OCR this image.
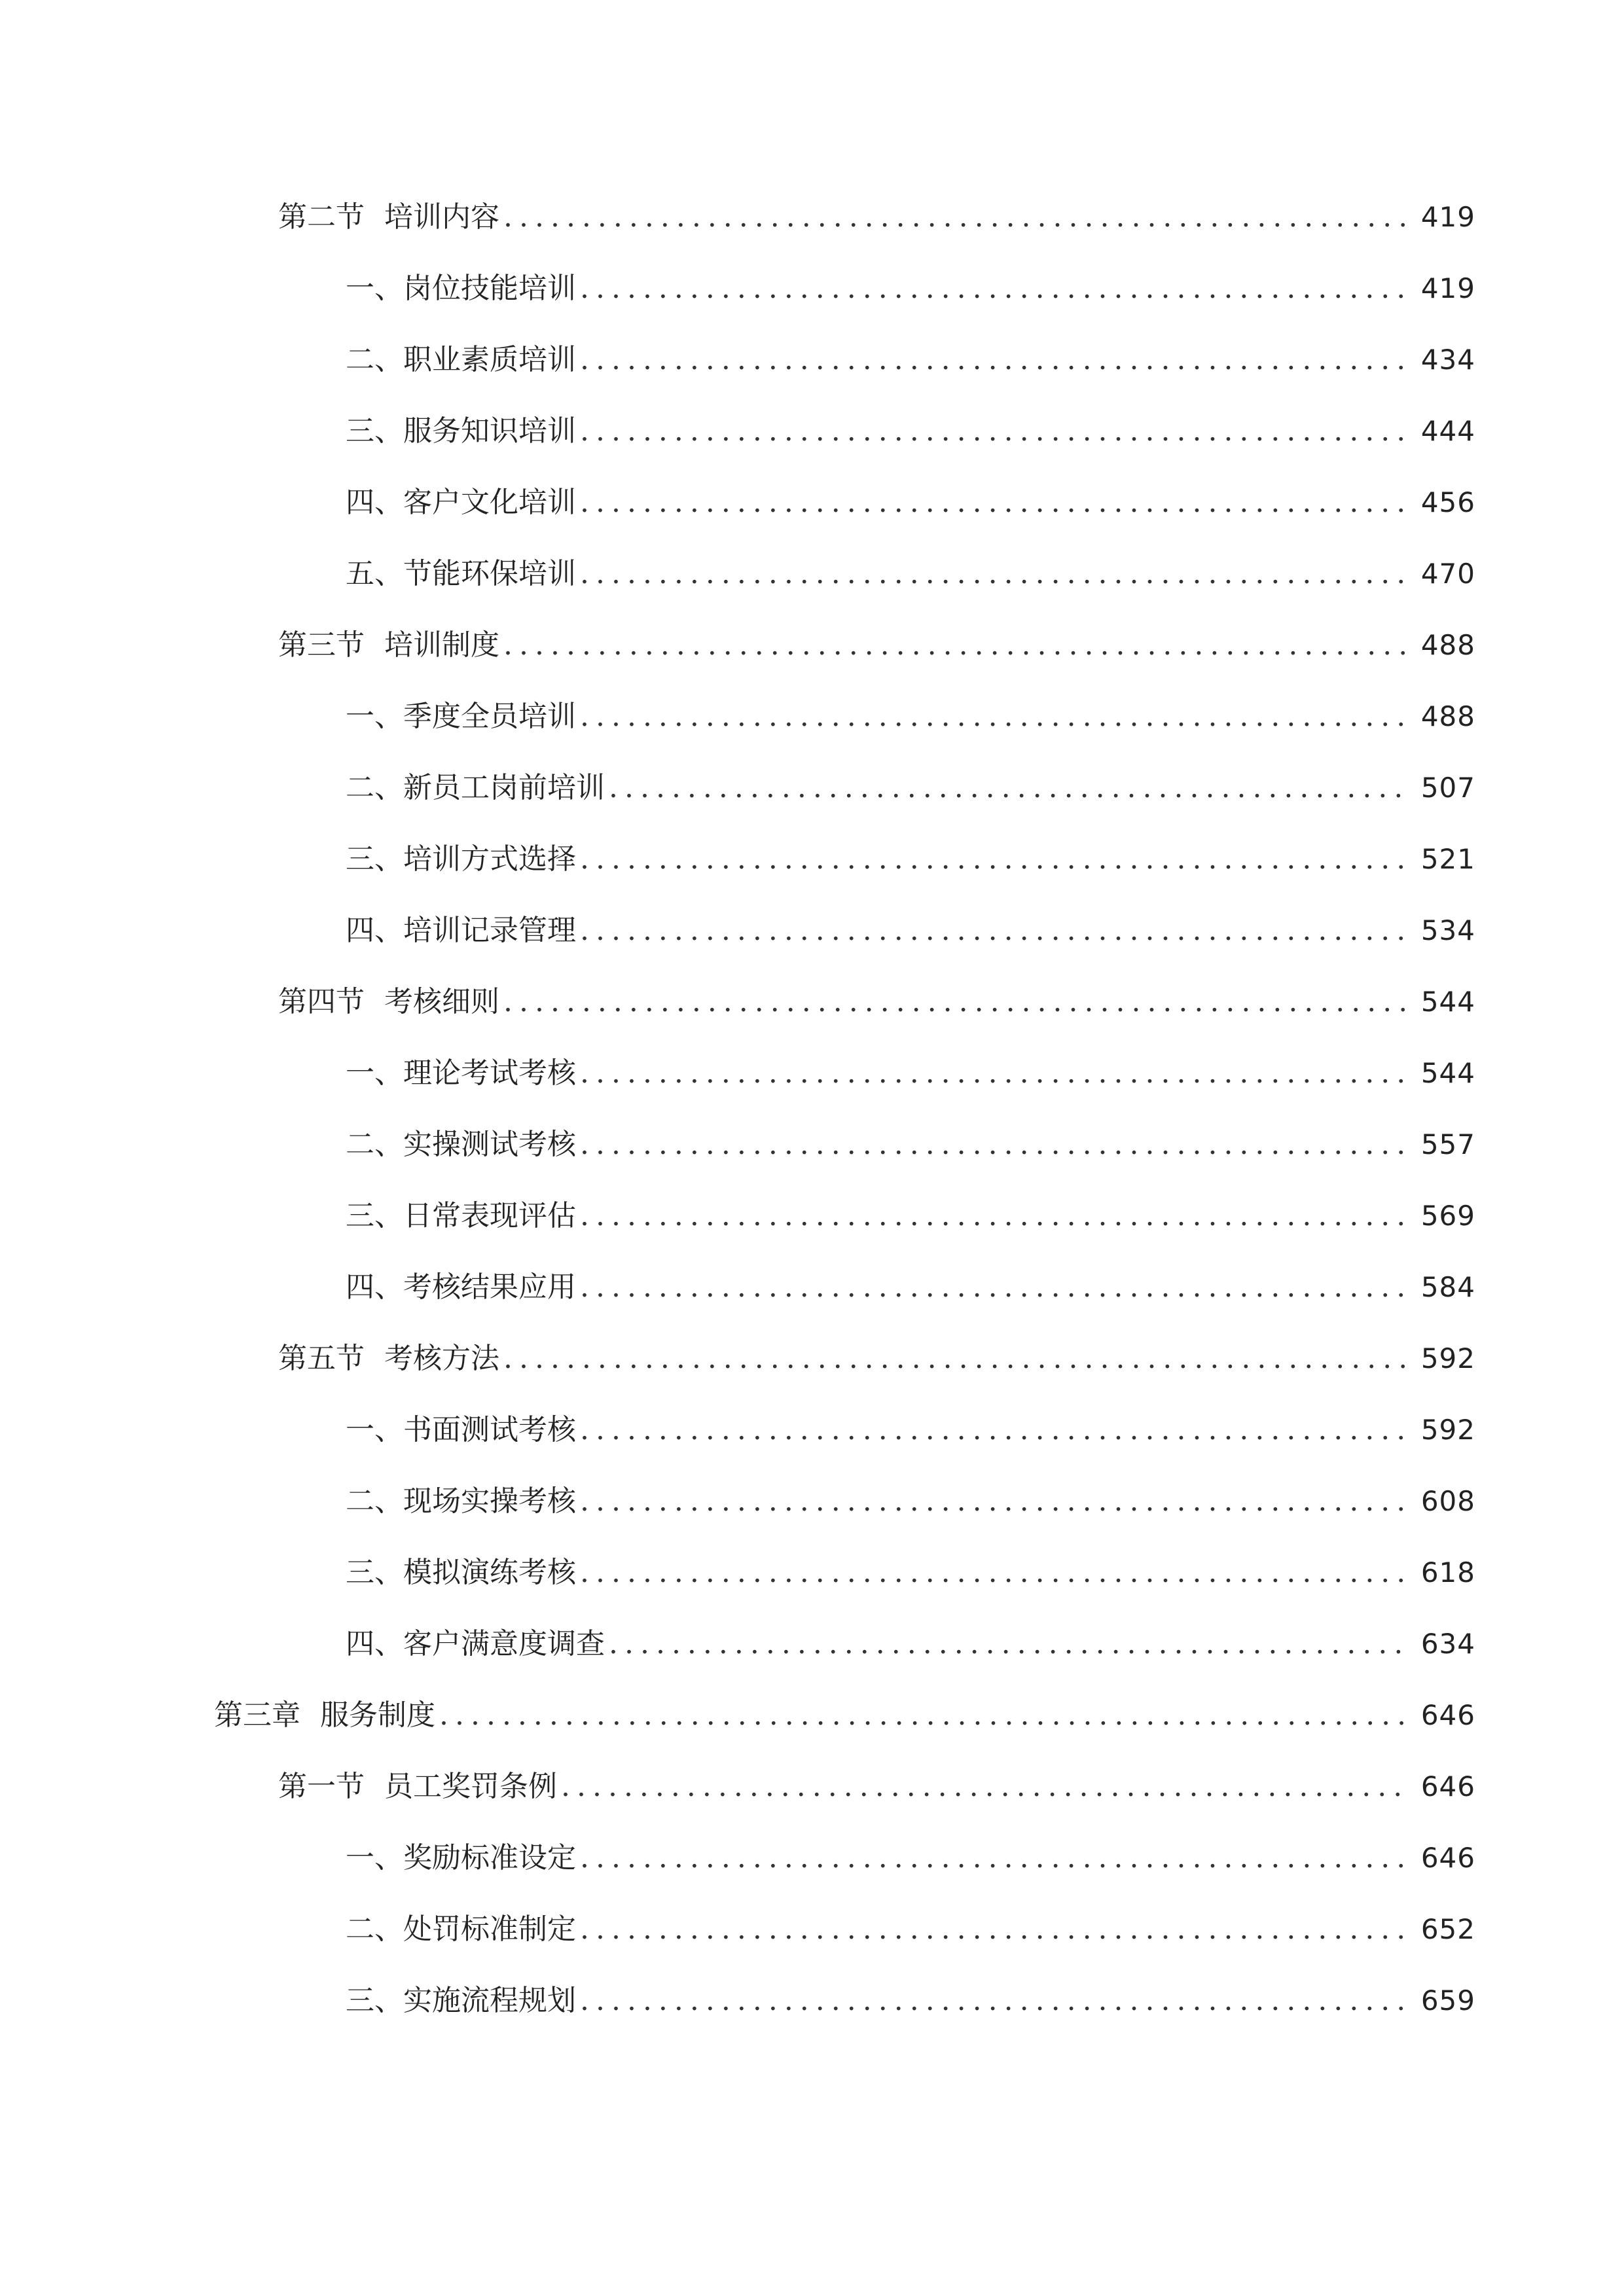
第二节 培训内容 .....	419
一、 岗位技能培训 .....	419
二、 职业素质培训 .....	434
三、 服务知识培训 .....	444
四、 客户文化培训 .....	456
五、 节能环保培训 .....	470
第三节 培训制度 .....	488
一、 季度全员培训 .....	488
二、 新员工岗前培训 .....	507
三、 培训方式选择 .....	521
四、 培训记录管理 .....	534
第四节 考核细则 .....	544
一、 理论考试考核 .....	544
二、 实操测试考核 .....	557
三、 日常表现评估 .....	569
四、 考核结果应用 .....	584
第五节 考核方法 .....	592
一、 书面测试考核 .....	592
二、 现场实操考核 .....	608
三、 模拟演练考核 .....	618
四、 客户满意度调查 .....	634
第三章 服务制度 .....	646
第一节 员工奖罚条例 .....	646
一、 奖励标准设定 .....	646
二、 处罚标准制定 .....	652
三、 实施流程规划 .....	659
